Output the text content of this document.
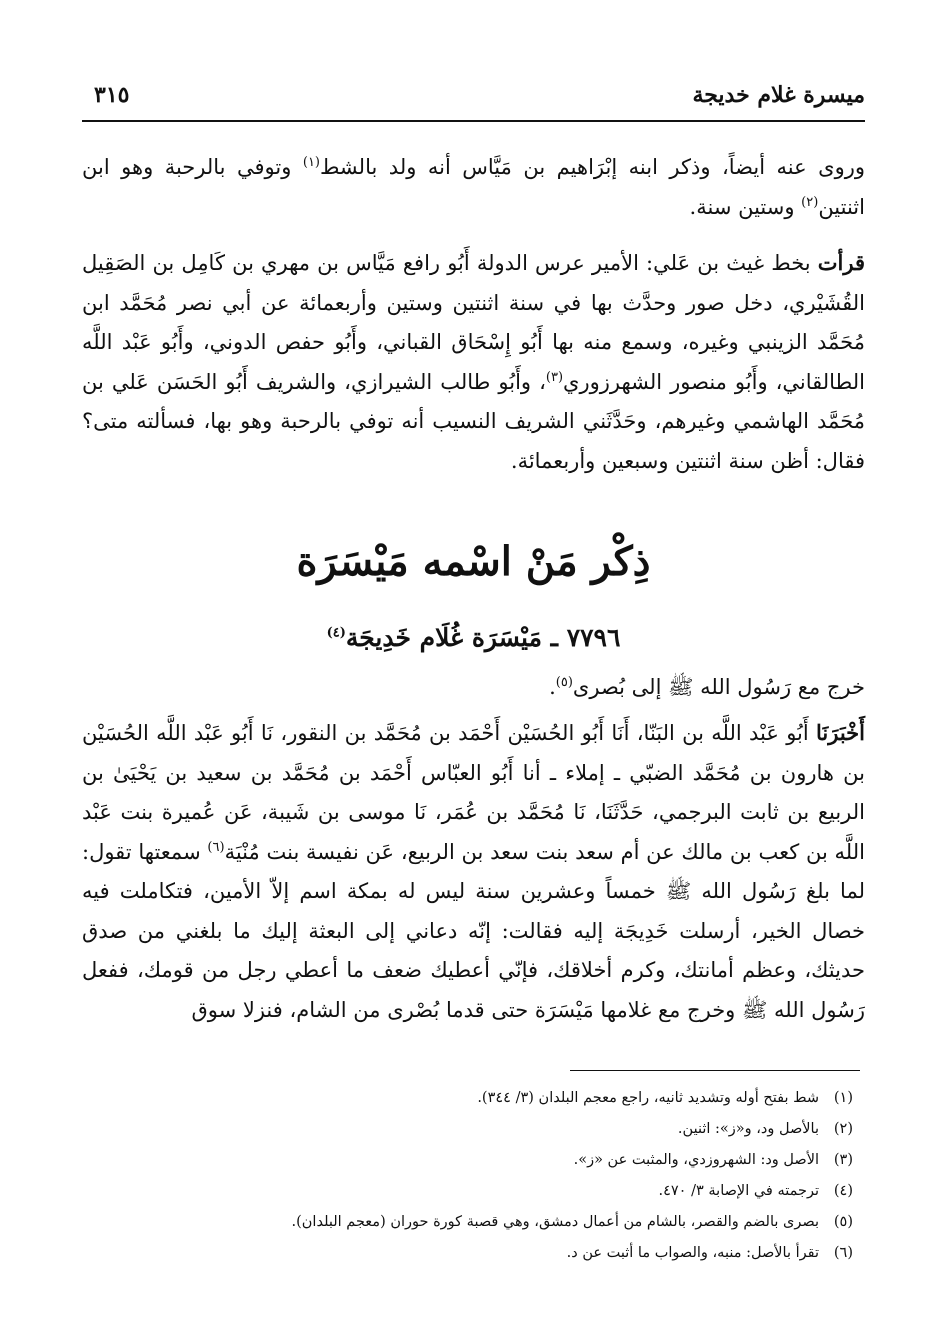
ميسرة غلام خديجة
٣١٥

وروى عنه أيضاً، وذكر ابنه إبْرَاهيم بن مَيَّاس أنه ولد بالشط$^{(١)}$ وتوفي بالرحبة وهو ابن اثنتين$^{(٢)}$ وستين سنة.

قرأت بخط غيث بن عَلي: الأمير عرس الدولة أَبُو رافع مَيَّاس بن مهري بن كَامِل بن الصَقِيل القُشَيْري، دخل صور وحدَّث بها في سنة اثنتين وستين وأربعمائة عن أبي نصر مُحَمَّد ابن مُحَمَّد الزينبي وغيره، وسمع منه بها أَبُو إِسْحَاق القباني، وأَبُو حفص الدوني، وأَبُو عَبْد اللَّه الطالقاني، وأَبُو منصور الشهرزوري$^{(٣)}$، وأَبُو طالب الشيرازي، والشريف أَبُو الحَسَن عَلي بن مُحَمَّد الهاشمي وغيرهم، وحَدَّثَني الشريف النسيب أنه توفي بالرحبة وهو بها، فسألته متى؟ فقال: أظن سنة اثنتين وسبعين وأربعمائة.

ذِكْر مَنْ اسْمه مَيْسَرَة
٧٧٩٦ ـ مَيْسَرَة غُلَام خَدِيجَة$^{(٤)}$

خرج مع رَسُول الله ﷺ إلى بُصرى$^{(٥)}$.

أَخْبَرَنَا أَبُو عَبْد اللَّه بن البَنّا، أَنَا أَبُو الحُسَيْن أَحْمَد بن مُحَمَّد بن النقور، نَا أَبُو عَبْد اللَّه الحُسَيْن بن هارون بن مُحَمَّد الضبّي ـ إملاء ـ أنا أَبُو العبّاس أَحْمَد بن مُحَمَّد بن سعيد بن يَحْيَىٰ بن الربيع بن ثابت البرجمي، حَدَّثَنَا، نَا مُحَمَّد بن عُمَر، نَا موسى بن شَيبة، عَن عُميرة بنت عَبْد اللَّه بن كعب بن مالك عن أم سعد بنت سعد بن الربيع، عَن نفيسة بنت مُنْيَة$^{(٦)}$ سمعتها تقول: لما بلغ رَسُول الله ﷺ خمساً وعشرين سنة ليس له بمكة اسم إلاّ الأمين، فتكاملت فيه خصال الخير، أرسلت خَدِيجَة إليه فقالت: إنّه دعاني إلى البعثة إليك ما بلغني من صدق حديثك، وعظم أمانتك، وكرم أخلاقك، فإنّي أعطيك ضعف ما أعطي رجل من قومك، ففعل رَسُول الله ﷺ وخرج مع غلامها مَيْسَرَة حتى قدما بُصْرى من الشام، فنزلا سوق

(١)شط بفتح أوله وتشديد ثانيه، راجع معجم البلدان (٣/ ٣٤٤).
(٢)بالأصل ود، و«ز»: اثنين.
(٣)الأصل ود: الشهروزدي، والمثبت عن «ز».
(٤)ترجمته في الإصابة ٣/ ٤٧٠.
(٥)بصرى بالضم والقصر، بالشام من أعمال دمشق، وهي قصبة كورة حوران (معجم البلدان).
(٦)تقرأ بالأصل: منبه، والصواب ما أثبت عن د.
